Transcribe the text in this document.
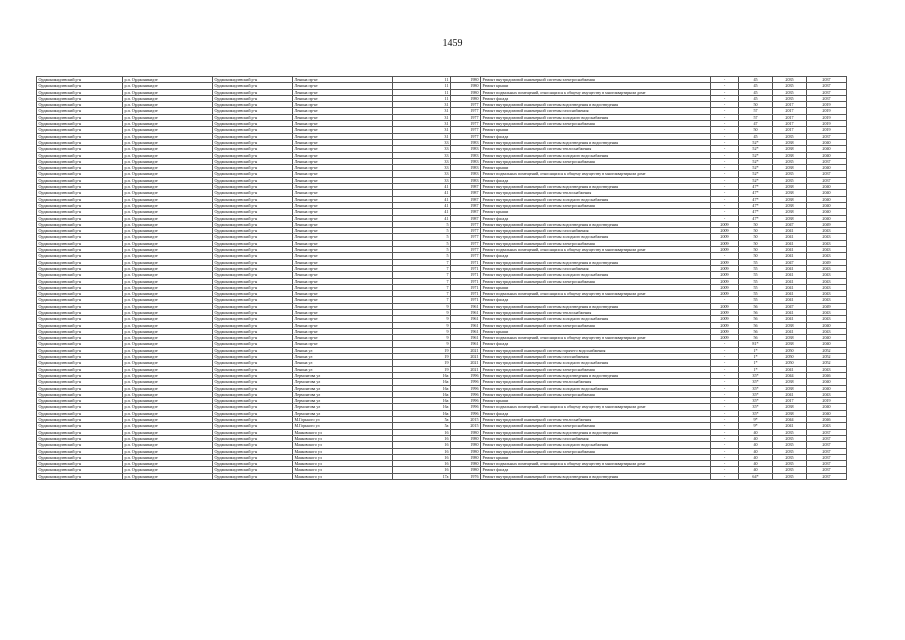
1459
Орджоникидзевский р-н	р.п. Орджоникидзе	Орджоникидзевский р-н	Ленина пр-кт	11	1980	Ремонт внутридомовой инженерной системы электроснабжения	-	45	2035	2037
Орджоникидзевский р-н	р.п. Орджоникидзе	Орджоникидзевский р-н	Ленина пр-кт	11	1980	Ремонт крыши	-	45	2035	2037
Орджоникидзевский р-н	р.п. Орджоникидзе	Орджоникидзевский р-н	Ленина пр-кт	11	1980	Ремонт подвальных помещений, относящихся к общему имуществу в многоквартирном доме	-	45	2035	2037
Орджоникидзевский р-н	р.п. Орджоникидзе	Орджоникидзевский р-н	Ленина пр-кт	11	1980	Ремонт фасада	-	45	2035	2037
Орджоникидзевский р-н	р.п. Орджоникидзе	Орджоникидзевский р-н	Ленина пр-кт	31	1977	Ремонт внутридомовой инженерной системы водоотведения и водоотведения	-	50	2017	2019
Орджоникидзевский р-н	р.п. Орджоникидзе	Орджоникидзевский р-н	Ленина пр-кт	31	1977	Ремонт внутридомовой инженерной системы газоснабжения	-	57	2017	2019
Орджоникидзевский р-н	р.п. Орджоникидзе	Орджоникидзевский р-н	Ленина пр-кт	31	1977	Ремонт внутридомовой инженерной системы холодного водоснабжения	-	57	2017	2019
Орджоникидзевский р-н	р.п. Орджоникидзе	Орджоникидзевский р-н	Ленина пр-кт	31	1977	Ремонт внутридомовой инженерной системы электроснабжения	-	47	2017	2019
Орджоникидзевский р-н	р.п. Орджоникидзе	Орджоникидзевский р-н	Ленина пр-кт	31	1977	Ремонт крыши	-	50	2017	2019
Орджоникидзевский р-н	р.п. Орджоникидзе	Орджоникидзевский р-н	Ленина пр-кт	31	1977	Ремонт фасада	-	45	2035	2037
Орджоникидзевский р-н	р.п. Орджоникидзе	Орджоникидзевский р-н	Ленина пр-кт	33	1983	Ремонт внутридомовой инженерной системы водоотведения и водоотведения	-	52*	2038	2040
Орджоникидзевский р-н	р.п. Орджоникидзе	Орджоникидзевский р-н	Ленина пр-кт	33	1983	Ремонт внутридомовой инженерной системы теплоснабжения	-	52*	2038	2040
Орджоникидзевский р-н	р.п. Орджоникидзе	Орджоникидзевский р-н	Ленина пр-кт	33	1983	Ремонт внутридомовой инженерной системы холодного водоснабжения	-	52*	2038	2040
Орджоникидзевский р-н	р.п. Орджоникидзе	Орджоникидзевский р-н	Ленина пр-кт	33	1983	Ремонт внутридомовой инженерной системы электроснабжения	-	52*	2035	2037
Орджоникидзевский р-н	р.п. Орджоникидзе	Орджоникидзевский р-н	Ленина пр-кт	33	1983	Ремонт крыши	-	52*	2038	2040
Орджоникидзевский р-н	р.п. Орджоникидзе	Орджоникидзевский р-н	Ленина пр-кт	33	1983	Ремонт подвальных помещений, относящихся к общему имуществу в многоквартирном доме	-	52*	2035	2037
Орджоникидзевский р-н	р.п. Орджоникидзе	Орджоникидзевский р-н	Ленина пр-кт	33	1983	Ремонт фасада	-	52*	2035	2037
Орджоникидзевский р-н	р.п. Орджоникидзе	Орджоникидзевский р-н	Ленина пр-кт	41	1987	Ремонт внутридомовой инженерной системы водоотведения и водоотведения	-	47*	2038	2040
Орджоникидзевский р-н	р.п. Орджоникидзе	Орджоникидзевский р-н	Ленина пр-кт	41	1987	Ремонт внутридомовой инженерной системы теплоснабжения	-	47*	2038	2040
Орджоникидзевский р-н	р.п. Орджоникидзе	Орджоникидзевский р-н	Ленина пр-кт	41	1987	Ремонт внутридомовой инженерной системы холодного водоснабжения	-	47*	2038	2040
Орджоникидзевский р-н	р.п. Орджоникидзе	Орджоникидзевский р-н	Ленина пр-кт	41	1987	Ремонт внутридомовой инженерной системы электроснабжения	-	47*	2038	2040
Орджоникидзевский р-н	р.п. Орджоникидзе	Орджоникидзевский р-н	Ленина пр-кт	41	1987	Ремонт крыши	-	47*	2038	2040
Орджоникидзевский р-н	р.п. Орджоникидзе	Орджоникидзевский р-н	Ленина пр-кт	41	1987	Ремонт фасада	-	47*	2038	2040
Орджоникидзевский р-н	р.п. Орджоникидзе	Орджоникидзевский р-н	Ленина пр-кт	5	1977	Ремонт внутридомовой инженерной системы водоотведения и водоотведения	2009	50	2047	2049
Орджоникидзевский р-н	р.п. Орджоникидзе	Орджоникидзевский р-н	Ленина пр-кт	5	1977	Ремонт внутридомовой инженерной системы газоснабжения	2009	50	2041	2043
Орджоникидзевский р-н	р.п. Орджоникидзе	Орджоникидзевский р-н	Ленина пр-кт	5	1977	Ремонт внутридомовой инженерной системы холодного водоснабжения	2009	50	2041	2043
Орджоникидзевский р-н	р.п. Орджоникидзе	Орджоникидзевский р-н	Ленина пр-кт	5	1977	Ремонт внутридомовой инженерной системы электроснабжения	2009	50	2041	2043
Орджоникидзевский р-н	р.п. Орджоникидзе	Орджоникидзевский р-н	Ленина пр-кт	5	1977	Ремонт подвальных помещений, относящихся к общему имуществу в многоквартирном доме	2009	50	2041	2043
Орджоникидзевский р-н	р.п. Орджоникидзе	Орджоникидзевский р-н	Ленина пр-кт	5	1977	Ремонт фасада	-	50	2041	2043
Орджоникидзевский р-н	р.п. Орджоникидзе	Орджоникидзевский р-н	Ленина пр-кт	7	1971	Ремонт внутридомовой инженерной системы водоотведения и водоотведения	2009	55	2047	2049
Орджоникидзевский р-н	р.п. Орджоникидзе	Орджоникидзевский р-н	Ленина пр-кт	7	1971	Ремонт внутридомовой инженерной системы газоснабжения	2009	55	2041	2043
Орджоникидзевский р-н	р.п. Орджоникидзе	Орджоникидзевский р-н	Ленина пр-кт	7	1971	Ремонт внутридомовой инженерной системы холодного водоснабжения	2009	55	2041	2043
Орджоникидзевский р-н	р.п. Орджоникидзе	Орджоникидзевский р-н	Ленина пр-кт	7	1971	Ремонт внутридомовой инженерной системы электроснабжения	2009	55	2041	2043
Орджоникидзевский р-н	р.п. Орджоникидзе	Орджоникидзевский р-н	Ленина пр-кт	7	1971	Ремонт крыши	2009	55	2041	2043
Орджоникидзевский р-н	р.п. Орджоникидзе	Орджоникидзевский р-н	Ленина пр-кт	7	1971	Ремонт подвальных помещений, относящихся к общему имуществу в многоквартирном доме	2009	55	2041	2043
Орджоникидзевский р-н	р.п. Орджоникидзе	Орджоникидзевский р-н	Ленина пр-кт	7	1971	Ремонт фасада	-	55	2041	2043
Орджоникидзевский р-н	р.п. Орджоникидзе	Орджоникидзевский р-н	Ленина пр-кт	9	1961	Ремонт внутридомовой инженерной системы водоотведения и водоотведения	2009	56	2047	2049
Орджоникидзевский р-н	р.п. Орджоникидзе	Орджоникидзевский р-н	Ленина пр-кт	9	1961	Ремонт внутридомовой инженерной системы теплоснабжения	2009	56	2041	2043
Орджоникидзевский р-н	р.п. Орджоникидзе	Орджоникидзевский р-н	Ленина пр-кт	9	1961	Ремонт внутридомовой инженерной системы холодного водоснабжения	2009	56	2041	2043
Орджоникидзевский р-н	р.п. Орджоникидзе	Орджоникидзевский р-н	Ленина пр-кт	9	1961	Ремонт внутридомовой инженерной системы электроснабжения	2009	56	2038	2040
Орджоникидзевский р-н	р.п. Орджоникидзе	Орджоникидзевский р-н	Ленина пр-кт	9	1961	Ремонт крыши	2009	56	2041	2043
Орджоникидзевский р-н	р.п. Орджоникидзе	Орджоникидзевский р-н	Ленина пр-кт	9	1961	Ремонт подвальных помещений, относящихся к общему имуществу в многоквартирном доме	2009	56	2038	2040
Орджоникидзевский р-н	р.п. Орджоникидзе	Орджоникидзевский р-н	Ленина пр-кт	9	1961	Ремонт фасада	-	81*	2038	2040
Орджоникидзевский р-н	р.п. Орджоникидзе	Орджоникидзевский р-н	Ленина ул	19	2021	Ремонт внутридомовой инженерной системы горячего водоснабжения	-	1*	2050	2052
Орджоникидзевский р-н	р.п. Орджоникидзе	Орджоникидзевский р-н	Ленина ул	19	2021	Ремонт внутридомовой инженерной системы газоснабжения	-	1*	2050	2052
Орджоникидзевский р-н	р.п. Орджоникидзе	Орджоникидзевский р-н	Ленина ул	19	2021	Ремонт внутридомовой инженерной системы холодного водоснабжения	-	1*	2050	2052
Орджоникидзевский р-н	р.п. Орджоникидзе	Орджоникидзевский р-н	Ленина ул	19	2021	Ремонт внутридомовой инженерной системы электроснабжения	-	1*	2041	2043
Орджоникидзевский р-н	р.п. Орджоникидзе	Орджоникидзевский р-н	Лермонтова ул	16а	1996	Ремонт внутридомовой инженерной системы водоотведения и водоотведения	-	35*	2044	2046
Орджоникидзевский р-н	р.п. Орджоникидзе	Орджоникидзевский р-н	Лермонтова ул	16а	1996	Ремонт внутридомовой инженерной системы теплоснабжения	-	35*	2038	2040
Орджоникидзевский р-н	р.п. Орджоникидзе	Орджоникидзевский р-н	Лермонтова ул	16а	1996	Ремонт внутридомовой инженерной системы холодного водоснабжения	-	35*	2038	2040
Орджоникидзевский р-н	р.п. Орджоникидзе	Орджоникидзевский р-н	Лермонтова ул	16а	1996	Ремонт внутридомовой инженерной системы электроснабжения	-	35*	2041	2043
Орджоникидзевский р-н	р.п. Орджоникидзе	Орджоникидзевский р-н	Лермонтова ул	16а	1996	Ремонт крыши	-	35*	2017	2019
Орджоникидзевский р-н	р.п. Орджоникидзе	Орджоникидзевский р-н	Лермонтова ул	16а	1996	Ремонт подвальных помещений, относящихся к общему имуществу в многоквартирном доме	-	35*	2038	2040
Орджоникидзевский р-н	р.п. Орджоникидзе	Орджоникидзевский р-н	Лермонтова ул	16а	1996	Ремонт фасада	-	35*	2038	2040
Орджоникидзевский р-н	р.п. Орджоникидзе	Орджоникидзевский р-н	М.Горького ул	5а	2015	Ремонт внутридомовой инженерной системы теплоснабжения	-	9*	2044	2046
Орджоникидзевский р-н	р.п. Орджоникидзе	Орджоникидзевский р-н	М.Горького ул	5а	2015	Ремонт внутридомовой инженерной системы электроснабжения	-	9*	2041	2043
Орджоникидзевский р-н	р.п. Орджоникидзе	Орджоникидзевский р-н	Маяковского ул	16	1980	Ремонт внутридомовой инженерной системы водоотведения и водоотведения	-	40	2035	2037
Орджоникидзевский р-н	р.п. Орджоникидзе	Орджоникидзевский р-н	Маяковского ул	16	1980	Ремонт внутридомовой инженерной системы газоснабжения	-	40	2035	2037
Орджоникидзевский р-н	р.п. Орджоникидзе	Орджоникидзевский р-н	Маяковского ул	16	1980	Ремонт внутридомовой инженерной системы холодного водоснабжения	-	40	2035	2037
Орджоникидзевский р-н	р.п. Орджоникидзе	Орджоникидзевский р-н	Маяковского ул	16	1980	Ремонт внутридомовой инженерной системы электроснабжения	-	40	2035	2037
Орджоникидзевский р-н	р.п. Орджоникидзе	Орджоникидзевский р-н	Маяковского ул	16	1980	Ремонт крыши	-	40	2035	2037
Орджоникидзевский р-н	р.п. Орджоникидзе	Орджоникидзевский р-н	Маяковского ул	16	1980	Ремонт подвальных помещений, относящихся к общему имуществу в многоквартирном доме	-	40	2035	2037
Орджоникидзевский р-н	р.п. Орджоникидзе	Орджоникидзевский р-н	Маяковского ул	16	1980	Ремонт фасада	-	40	2035	2037
Орджоникидзевский р-н	р.п. Орджоникидзе	Орджоникидзевский р-н	Маяковского ул	17а	1976	Ремонт внутридомовой инженерной системы водоотведения и водоотведения	-	64*	2035	2037
